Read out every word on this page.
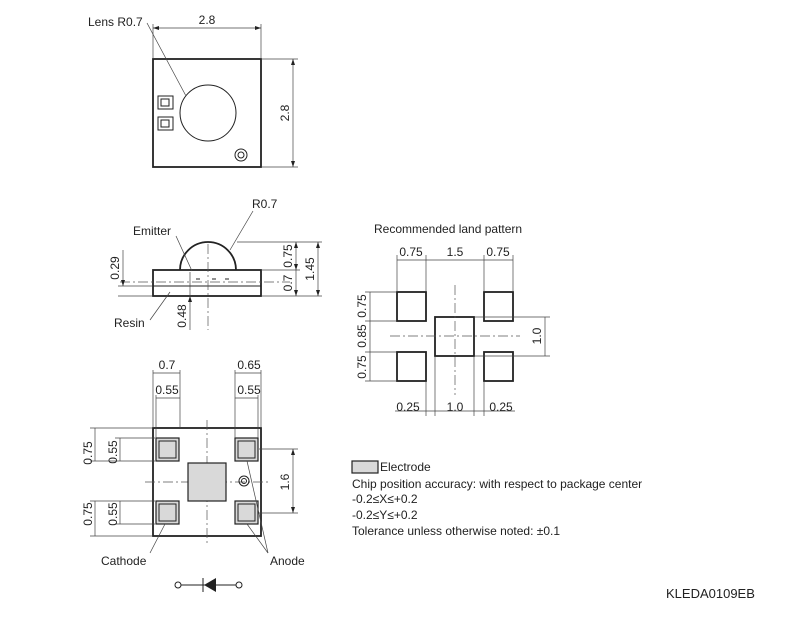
2.8
2.8
Lens R0.7
R0.7
Emitter
Resin
0.29
0.75
0.7
1.45
0.48
0.7
0.55
0.65
0.55
0.75 0.55
0.75 0.55
1.6
Cathode	Anode
Recommended land pattern
0.75 1.5 0.75
0.75
0.85
0.75
1.0
0.25 1.0 0.25
Electrode
Chip position accuracy: with respect to package center
-0.2≤X≤+0.2
-0.2≤Y≤+0.2
Tolerance unless otherwise noted: ±0.1
KLEDA0109EB
